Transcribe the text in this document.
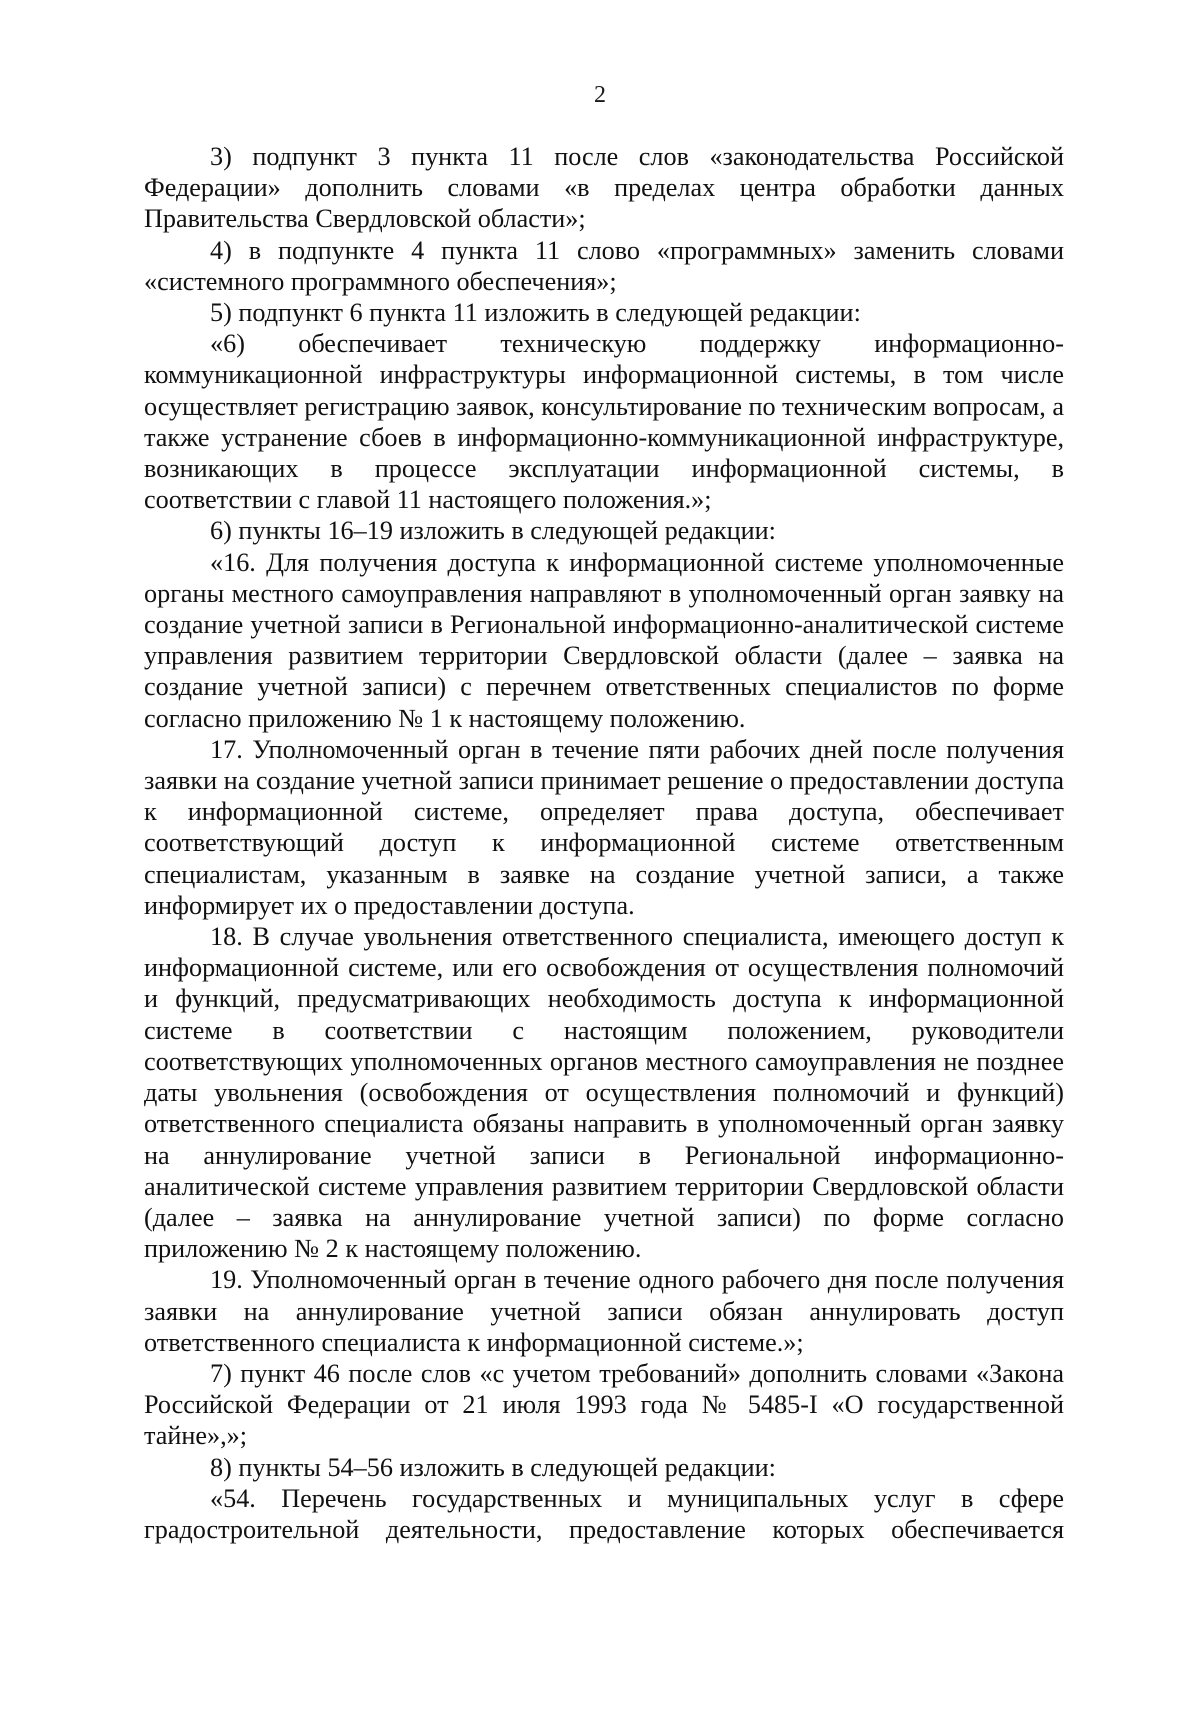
2

3) подпункт 3 пункта 11 после слов «законодательства Российской Федерации» дополнить словами «в пределах центра обработки данных Правительства Свердловской области»;

4) в подпункте 4 пункта 11 слово «программных» заменить словами «системного программного обеспечения»;

5) подпункт 6 пункта 11 изложить в следующей редакции:

«6) обеспечивает техническую поддержку информационно-коммуникационной инфраструктуры информационной системы, в том числе осуществляет регистрацию заявок, консультирование по техническим вопросам, а также устранение сбоев в информационно-коммуникационной инфраструктуре, возникающих в процессе эксплуатации информационной системы, в соответствии с главой 11 настоящего положения.»;

6) пункты 16–19 изложить в следующей редакции:

«16. Для получения доступа к информационной системе уполномоченные органы местного самоуправления направляют в уполномоченный орган заявку на создание учетной записи в Региональной информационно-аналитической системе управления развитием территории Свердловской области (далее – заявка на создание учетной записи) с перечнем ответственных специалистов по форме согласно приложению № 1 к настоящему положению.

17. Уполномоченный орган в течение пяти рабочих дней после получения заявки на создание учетной записи принимает решение о предоставлении доступа к информационной системе, определяет права доступа, обеспечивает соответствующий доступ к информационной системе ответственным специалистам, указанным в заявке на создание учетной записи, а также информирует их о предоставлении доступа.

18. В случае увольнения ответственного специалиста, имеющего доступ к информационной системе, или его освобождения от осуществления полномочий и функций, предусматривающих необходимость доступа к информационной системе в соответствии с настоящим положением, руководители соответствующих уполномоченных органов местного самоуправления не позднее даты увольнения (освобождения от осуществления полномочий и функций) ответственного специалиста обязаны направить в уполномоченный орган заявку на аннулирование учетной записи в Региональной информационно-аналитической системе управления развитием территории Свердловской области (далее – заявка на аннулирование учетной записи) по форме согласно приложению № 2 к настоящему положению.

19. Уполномоченный орган в течение одного рабочего дня после получения заявки на аннулирование учетной записи обязан аннулировать доступ ответственного специалиста к информационной системе.»;

7) пункт 46 после слов «с учетом требований» дополнить словами «Закона Российской Федерации от 21 июля 1993 года № 5485-I «О государственной тайне»,»;

8) пункты 54–56 изложить в следующей редакции:

«54. Перечень государственных и муниципальных услуг в сфере градостроительной деятельности, предоставление которых обеспечивается
